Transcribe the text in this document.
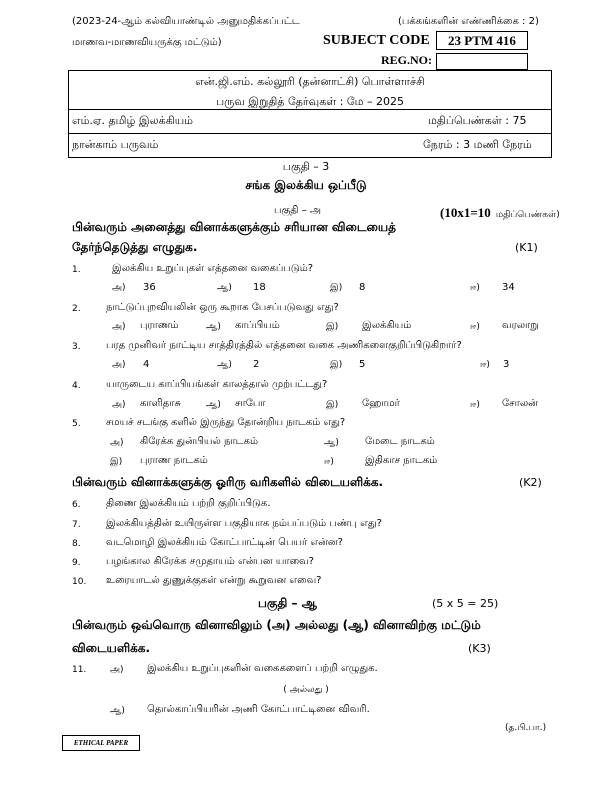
(2023-24-ஆம் கல்வியாண்டில் அனுமதிக்கப்பட்ட
மாணவ-மாணவியருக்கு மட்டும்)
(பக்கங்களின் எண்ணிக்கை : 2)
SUBJECT CODE	23 PTM 416
REG.NO:
என்.ஜி.எம். கல்லூரி (தன்னாட்சி) பொள்ளாச்சி
பருவ இறுதித் தேர்வுகள் : மே – 2025
எம்.ஏ. தமிழ் இலக்கியம்	மதிப்பெண்கள் : 75
நான்காம் பருவம்	நேரம் : 3 மணி நேரம்
பகுதி – 3
சங்க இலக்கிய ஒப்பீடு
பகுதி – அ	(10x1=10 மதிப்பெண்கள்)
பின்வரும் அனைத்து வினாக்களுக்கும் சரியான விடையைத்
தேர்ந்தெடுத்து எழுதுக.	(K1)
1.	இலக்கிய உறுப்புகள் எத்தனை வகைப்படும்?
அ) 36	ஆ) 18	இ) 8	ஈ) 34
2.	நாட்டுப்புறவியலின் ஒரு கூறாக பேசப்படுவது எது?
அ) புராணம்	ஆ) காப்பியம்	இ) இலக்கியம்	ஈ) வரலாறு
3.	பரத முனிவர் நாட்டிய சாத்திரத்தில் எத்தனை வகை அணிகளைகுறிப்பிடுகிறார்?
அ) 4	ஆ) 2	இ) 5	ஈ) 3
4.	யாருடைய காப்பியங்கள் காலத்தால் முற்பட்டது?
அ) காளிதாசு	ஆ) சாபோ	இ) ஹோமர்	ஈ) சோலன்
5.	சமயச் சடங்கு களில் இருந்து தோன்றிய நாடகம் எது?
அ) கிரேக்க துன்பியல் நாடகம்	ஆ)	மேடை நாடகம்
இ) புராண நாடகம்	ஈ)	இதிகாச நாடகம்
பின்வரும் வினாக்களுக்கு ஓரிரு வரிகளில் விடையளிக்க.	(K2)
6.	திணை இலக்கியம் பற்றி குறிப்பிடுக.
7.	இலக்கியத்தின் உயிருள்ள பகுதியாக நம்பப்படும் பண்பு எது?
8.	வடமொழி இலக்கியம் கோட்பாட்டின் பெயர் என்ன?
9.	பழங்கால கிரேக்க சமுதாயம் என்பன யாவை?
10. உரையாடல் துணுக்குகள் என்று கூறுவன எவை?
பகுதி – ஆ	(5 x 5 = 25)
பின்வரும் ஒவ்வொரு வினாவிலும் (அ) அல்லது (ஆ) வினாவிற்கு மட்டும்
விடையளிக்க.	(K3)
11.	அ) இலக்கிய உறுப்புகளின் வகைகளைப் பற்றி எழுதுக.
( அல்லது )
ஆ) தொல்காப்பியரின் அணி கோட்பாட்டினை விவரி.
(த.பி.பா.)
ETHICAL PAPER
